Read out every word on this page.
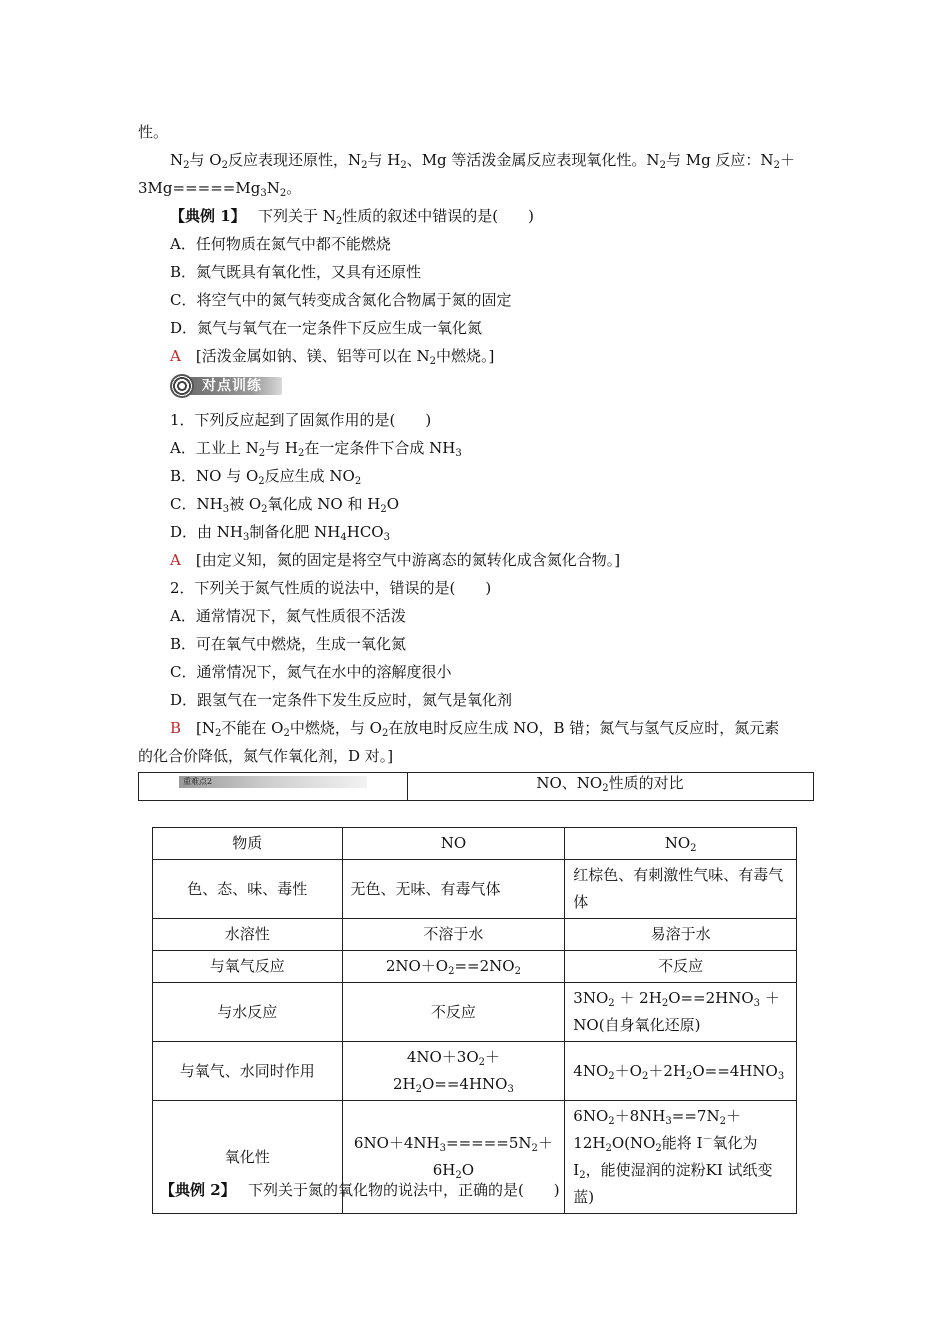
性。
$N_2$与 $O_2$反应表现还原性，$N_2$与 $H_2$、Mg 等活泼金属反应表现氧化性。$N_2$与 Mg 反应：$N_2+$
$3Mg=====Mg_3N_2$。
【典例 1】　 下列关于 $N_2$性质的叙述中错误的是(　　)
A．任何物质在氮气中都不能燃烧
B．氮气既具有氧化性，又具有还原性
C．将空气中的氮气转变成含氮化合物属于氮的固定
D．氮气与氧气在一定条件下反应生成一氧化氮
A　 [活泼金属如钠、镁、铝等可以在 $N_2$中燃烧。]
对点训练
1．下列反应起到了固氮作用的是(　　)
A．工业上 $N_2$与 $H_2$在一定条件下合成 $NH_3$
B．NO 与 $O_2$反应生成 $NO_2$
C．$NH_3$被 $O_2$氧化成 NO 和 $H_2O$
D．由 $NH_3$制备化肥 $NH_4HCO_3$
A　 [由定义知，氮的固定是将空气中游离态的氮转化成含氮化合物。]
2．下列关于氮气性质的说法中，错误的是(　　)
A．通常情况下，氮气性质很不活泼
B．可在氧气中燃烧，生成一氧化氮
C．通常情况下，氮气在水中的溶解度很小
D．跟氢气在一定条件下发生反应时，氮气是氧化剂
B　 [$N_2$不能在 $O_2$中燃烧，与 $O_2$在放电时反应生成 NO，B 错；氮气与氢气反应时，氮元素
的化合价降低，氮气作氧化剂，D 对。]
重难点2	NO、$NO_2$性质的对比
物质	NO	$NO_2$
色、态、味、毒性	无色、无味、有毒气体	红棕色、有刺激性气味、有毒气体
水溶性	不溶于水	易溶于水
与氧气反应	$2NO+O_2==2NO_2$	不反应
与水反应	不反应	$3NO_2 + 2H_2O==2HNO_3 + NO$(自身氧化还原)
与氧气、水同时作用	$4NO+3O_2+2H_2O==4HNO_3$	$4NO_2+O_2+2H_2O==4HNO_3$
氧化性	$6NO+4NH_3=====5N_2+6H_2O$	$6NO_2+8NH_3==7N_2+12H_2O(NO_2$能将 I－氧化为 $I_2$，能使湿润的淀粉KI 试纸变蓝)
【典例 2】　 下列关于氮的氧化物的说法中，正确的是(　　)
